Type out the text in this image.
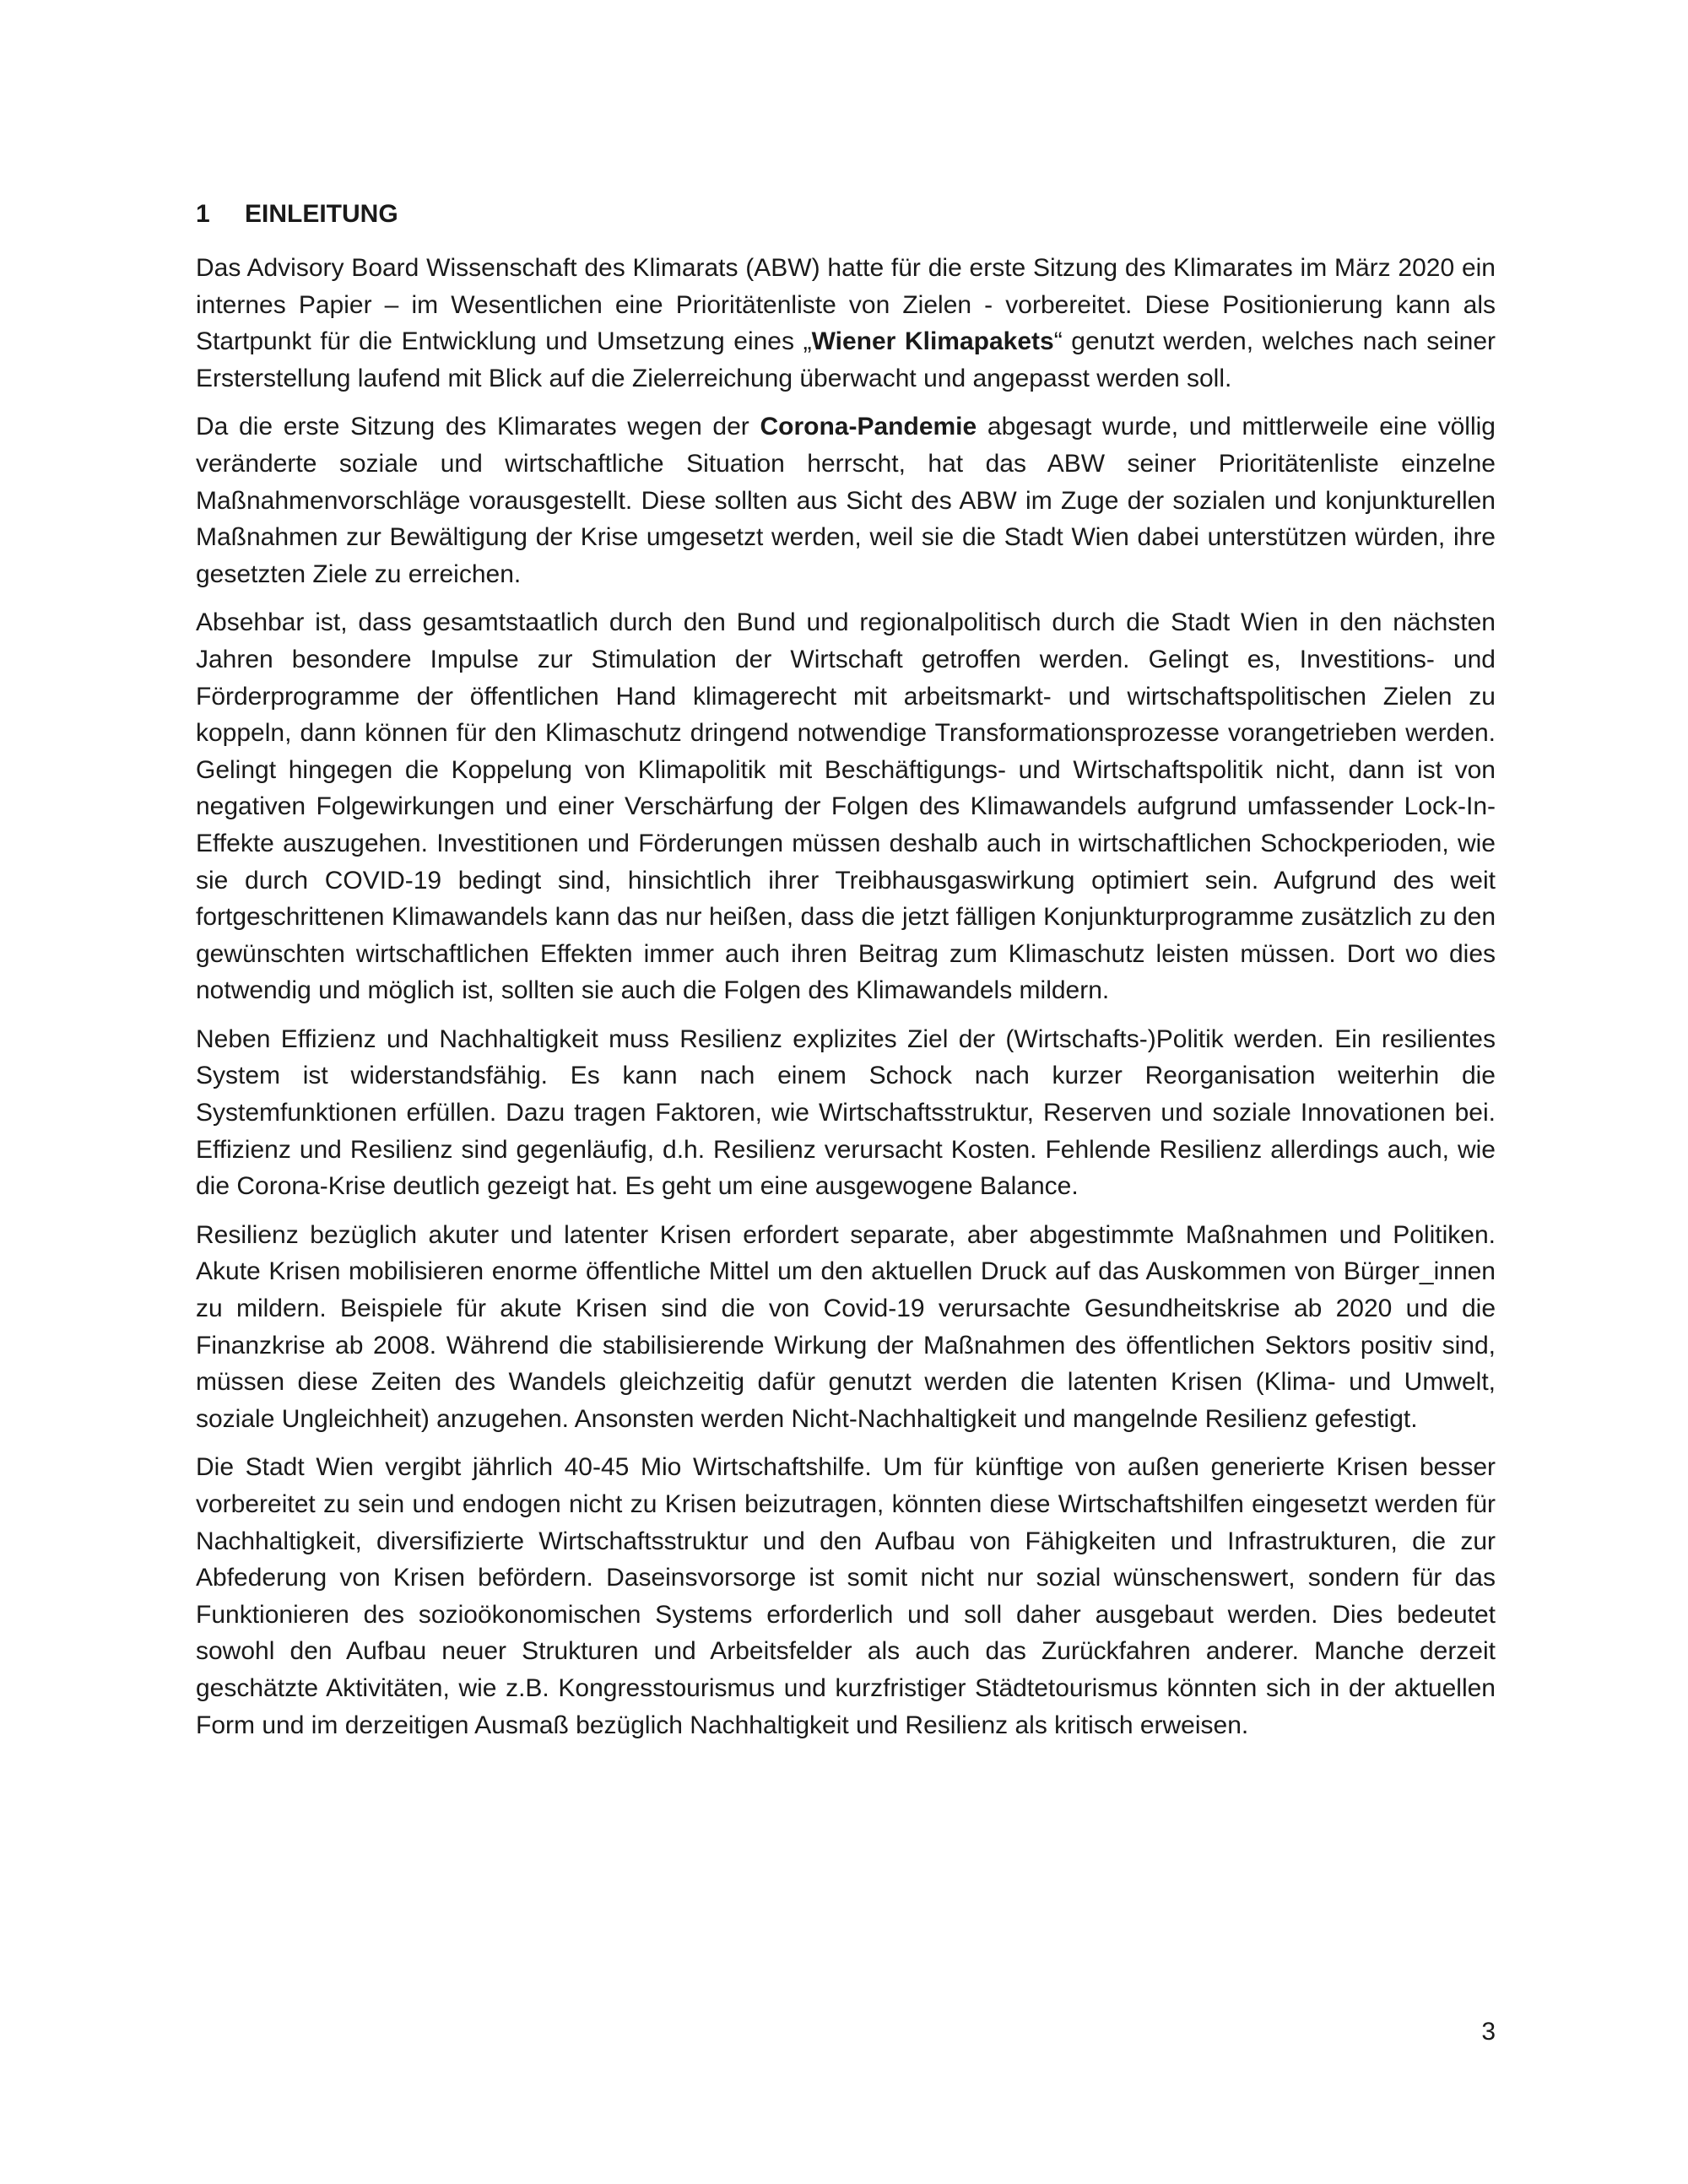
1 EINLEITUNG

Das Advisory Board Wissenschaft des Klimarats (ABW) hatte für die erste Sitzung des Klimarates im März 2020 ein internes Papier – im Wesentlichen eine Prioritätenliste von Zielen - vorbereitet. Diese Positionierung kann als Startpunkt für die Entwicklung und Umsetzung eines „Wiener Klimapakets“ genutzt werden, welches nach seiner Ersterstellung laufend mit Blick auf die Zielerreichung überwacht und angepasst werden soll.

Da die erste Sitzung des Klimarates wegen der Corona-Pandemie abgesagt wurde, und mittlerweile eine völlig veränderte soziale und wirtschaftliche Situation herrscht, hat das ABW seiner Prioritätenliste einzelne Maßnahmenvorschläge vorausgestellt. Diese sollten aus Sicht des ABW im Zuge der sozialen und konjunkturellen Maßnahmen zur Bewältigung der Krise umgesetzt werden, weil sie die Stadt Wien dabei unterstützen würden, ihre gesetzten Ziele zu erreichen.

Absehbar ist, dass gesamtstaatlich durch den Bund und regionalpolitisch durch die Stadt Wien in den nächsten Jahren besondere Impulse zur Stimulation der Wirtschaft getroffen werden. Gelingt es, Investitions- und Förderprogramme der öffentlichen Hand klimagerecht mit arbeitsmarkt- und wirtschaftspolitischen Zielen zu koppeln, dann können für den Klimaschutz dringend notwendige Transformationsprozesse vorangetrieben werden. Gelingt hingegen die Koppelung von Klimapolitik mit Beschäftigungs- und Wirtschaftspolitik nicht, dann ist von negativen Folgewirkungen und einer Verschärfung der Folgen des Klimawandels aufgrund umfassender Lock-In-Effekte auszugehen. Investitionen und Förderungen müssen deshalb auch in wirtschaftlichen Schockperioden, wie sie durch COVID-19 bedingt sind, hinsichtlich ihrer Treibhausgaswirkung optimiert sein. Aufgrund des weit fortgeschrittenen Klimawandels kann das nur heißen, dass die jetzt fälligen Konjunkturprogramme zusätzlich zu den gewünschten wirtschaftlichen Effekten immer auch ihren Beitrag zum Klimaschutz leisten müssen. Dort wo dies notwendig und möglich ist, sollten sie auch die Folgen des Klimawandels mildern.

Neben Effizienz und Nachhaltigkeit muss Resilienz explizites Ziel der (Wirtschafts-)Politik werden. Ein resilientes System ist widerstandsfähig. Es kann nach einem Schock nach kurzer Reorganisation weiterhin die Systemfunktionen erfüllen. Dazu tragen Faktoren, wie Wirtschaftsstruktur, Reserven und soziale Innovationen bei. Effizienz und Resilienz sind gegenläufig, d.h. Resilienz verursacht Kosten. Fehlende Resilienz allerdings auch, wie die Corona-Krise deutlich gezeigt hat. Es geht um eine ausgewogene Balance.

Resilienz bezüglich akuter und latenter Krisen erfordert separate, aber abgestimmte Maßnahmen und Politiken. Akute Krisen mobilisieren enorme öffentliche Mittel um den aktuellen Druck auf das Auskommen von Bürger_innen zu mildern. Beispiele für akute Krisen sind die von Covid-19 verursachte Gesundheitskrise ab 2020 und die Finanzkrise ab 2008. Während die stabilisierende Wirkung der Maßnahmen des öffentlichen Sektors positiv sind, müssen diese Zeiten des Wandels gleichzeitig dafür genutzt werden die latenten Krisen (Klima- und Umwelt, soziale Ungleichheit) anzugehen. Ansonsten werden Nicht-Nachhaltigkeit und mangelnde Resilienz gefestigt.

Die Stadt Wien vergibt jährlich 40-45 Mio Wirtschaftshilfe. Um für künftige von außen generierte Krisen besser vorbereitet zu sein und endogen nicht zu Krisen beizutragen, könnten diese Wirtschaftshilfen eingesetzt werden für Nachhaltigkeit, diversifizierte Wirtschaftsstruktur und den Aufbau von Fähigkeiten und Infrastrukturen, die zur Abfederung von Krisen befördern. Daseinsvorsorge ist somit nicht nur sozial wünschenswert, sondern für das Funktionieren des sozioökonomischen Systems erforderlich und soll daher ausgebaut werden. Dies bedeutet sowohl den Aufbau neuer Strukturen und Arbeitsfelder als auch das Zurückfahren anderer. Manche derzeit geschätzte Aktivitäten, wie z.B. Kongresstourismus und kurzfristiger Städtetourismus könnten sich in der aktuellen Form und im derzeitigen Ausmaß bezüglich Nachhaltigkeit und Resilienz als kritisch erweisen.

3
